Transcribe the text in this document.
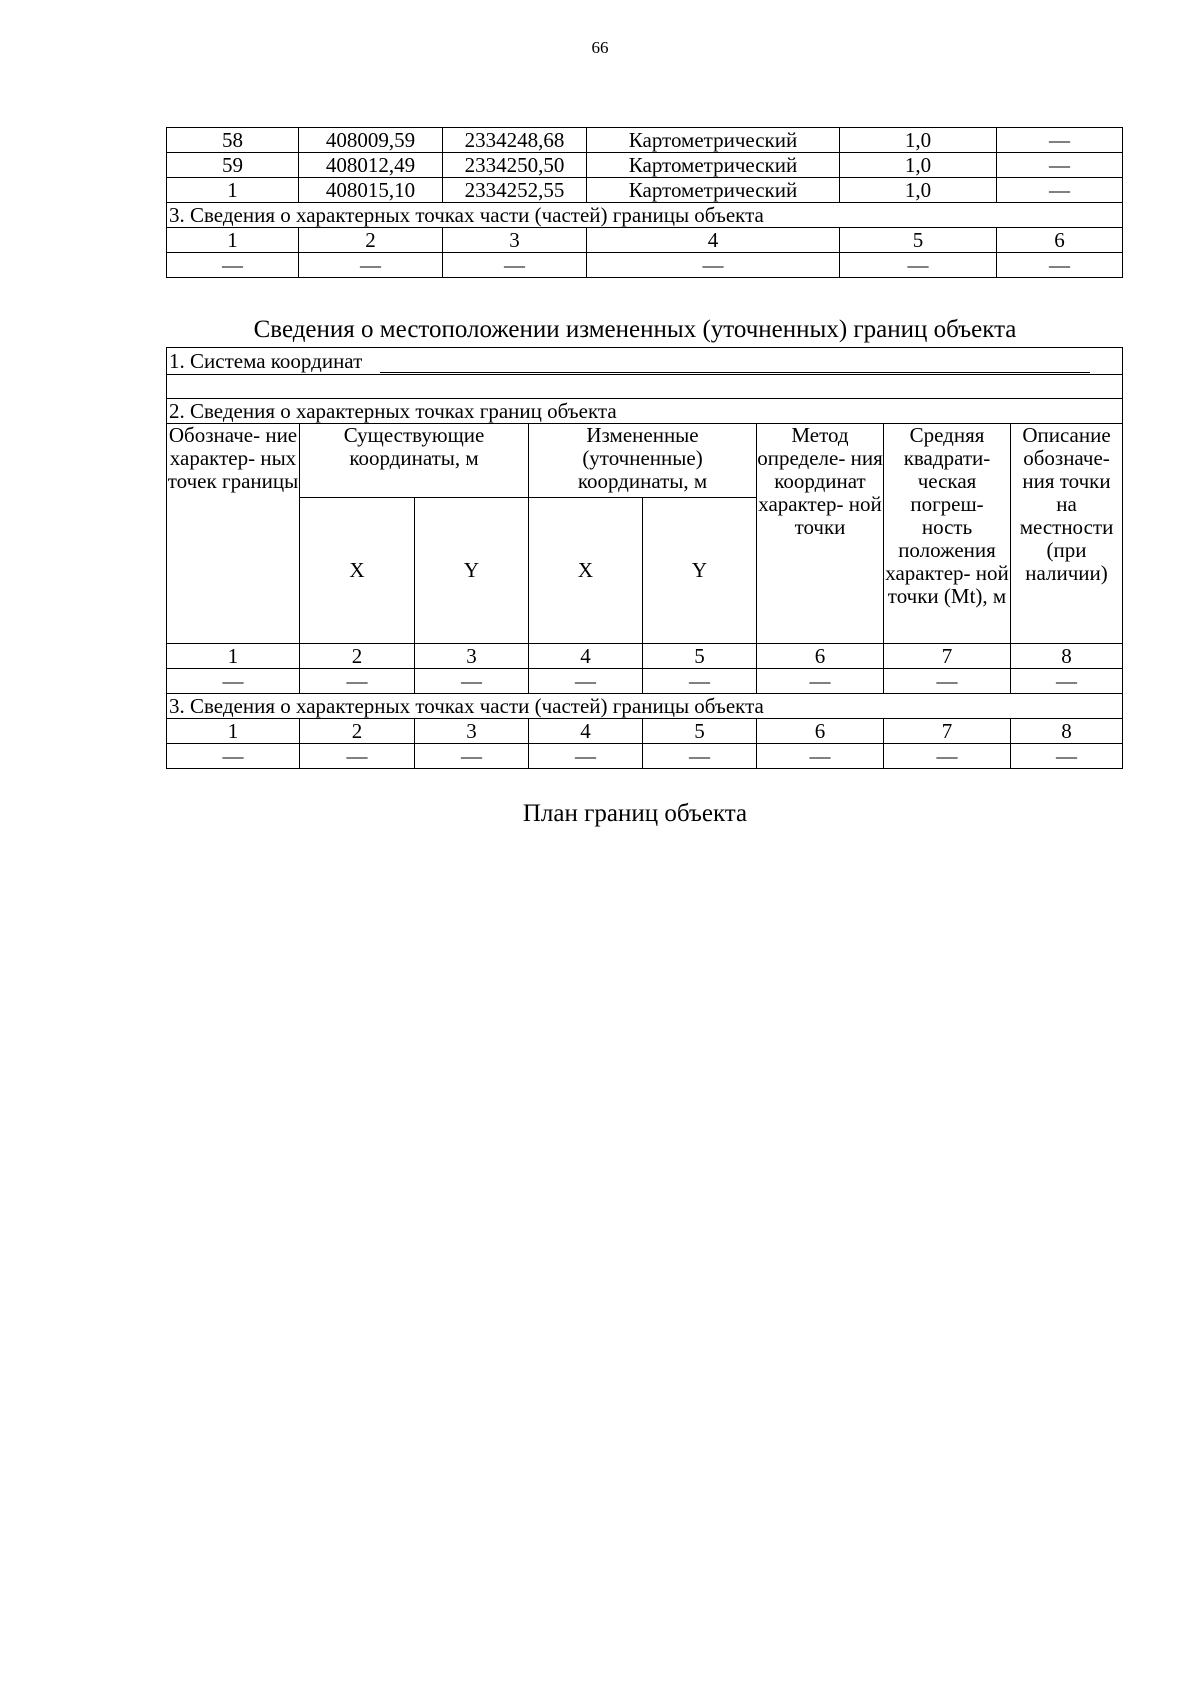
66
58	408009,59	2334248,68	Картометрический	1,0	—
59	408012,49	2334250,50	Картометрический	1,0	—
1	408015,10	2334252,55	Картометрический	1,0	—
3. Сведения о характерных точках части (частей) границы объекта					
1	2	3	4	5	6
—	—	—	—	—	—
Сведения о местоположении измененных (уточненных) границ объекта
1. Система координат							

2. Сведения о характерных точках границ объекта							
Обозначе- ние характер- ных точек границы	Существующие координаты, м		Измененные (уточненные) координаты, м		Метод определе- ния координат характер- ной точки	Средняя квадрати- ческая погреш- ность положения характер- ной точки (Mt), м	Описание обозначе- ния точки на местности (при наличии)
	X	Y	X	Y			
1	2	3	4	5	6	7	8
—	—	—	—	—	—	—	—
3. Сведения о характерных точках части (частей) границы объекта							
1	2	3	4	5	6	7	8
—	—	—	—	—	—	—	—
План границ объекта
